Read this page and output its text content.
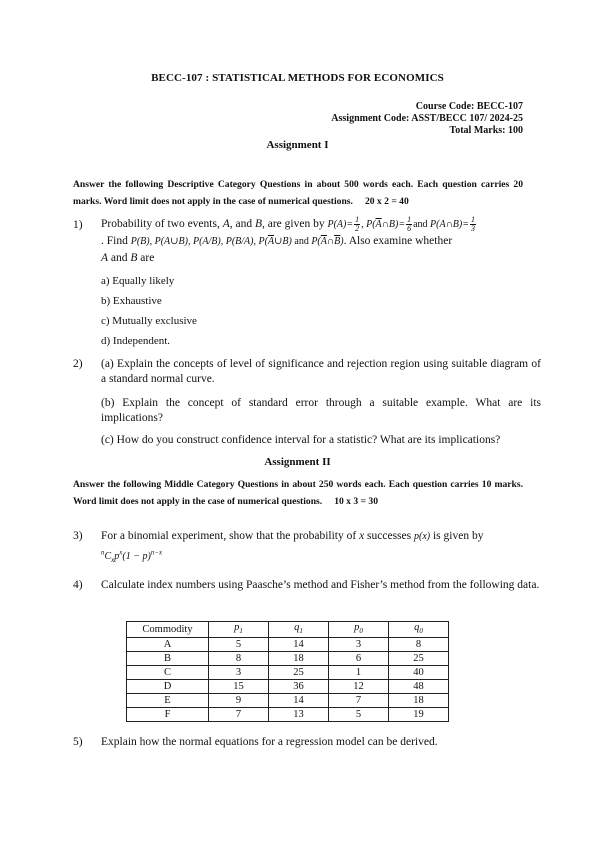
BECC-107 : STATISTICAL METHODS FOR ECONOMICS
Course Code: BECC-107
Assignment Code: ASST/BECC 107/ 2024-25
Total Marks: 100
Assignment I
Answer the following Descriptive Category Questions in about 500 words each. Each question carries 20 marks. Word limit does not apply in the case of numerical questions. 20 x 2 = 40
1) Probability of two events, A, and B, are given by $P(A)= \frac{1}{2}$ , $P(\overline{A}\cap B)= \frac{1}{6}$ and P(A∩B)= $\frac{1}{3}$

. Find P(B), P(A∪B), P(A/B), P(B/A), $P(\overline{A}\cup B)$ and $P(\overline{A}\cap\overline{B})$. Also examine whether
A and B are
a) Equally likely
b) Exhaustive
c) Mutually exclusive
d) Independent.
2) (a) Explain the concepts of level of significance and rejection region using suitable diagram of a standard normal curve.
(b) Explain the concept of standard error through a suitable example. What are its implications?
(c) How do you construct confidence interval for a statistic? What are its implications?
Assignment II
Answer the following Middle Category Questions in about 250 words each. Each question carries 10 marks. Word limit does not apply in the case of numerical questions. 10 x 3 = 30
3) For a binomial experiment, show that the probability of x successes p(x) is given by
$^nC_xp^x(1 - p)^{n-x}$
4) Calculate index numbers using Paasche’s method and Fisher’s method from the following data.
Commodity	$p_1$	$q_1$	$p_0$	$q_0$
A	5	14	3	8
B	8	18	6	25
C	3	25	1	40
D	15	36	12	48
E	9	14	7	18
F	7	13	5	19
5) Explain how the normal equations for a regression model can be derived.
